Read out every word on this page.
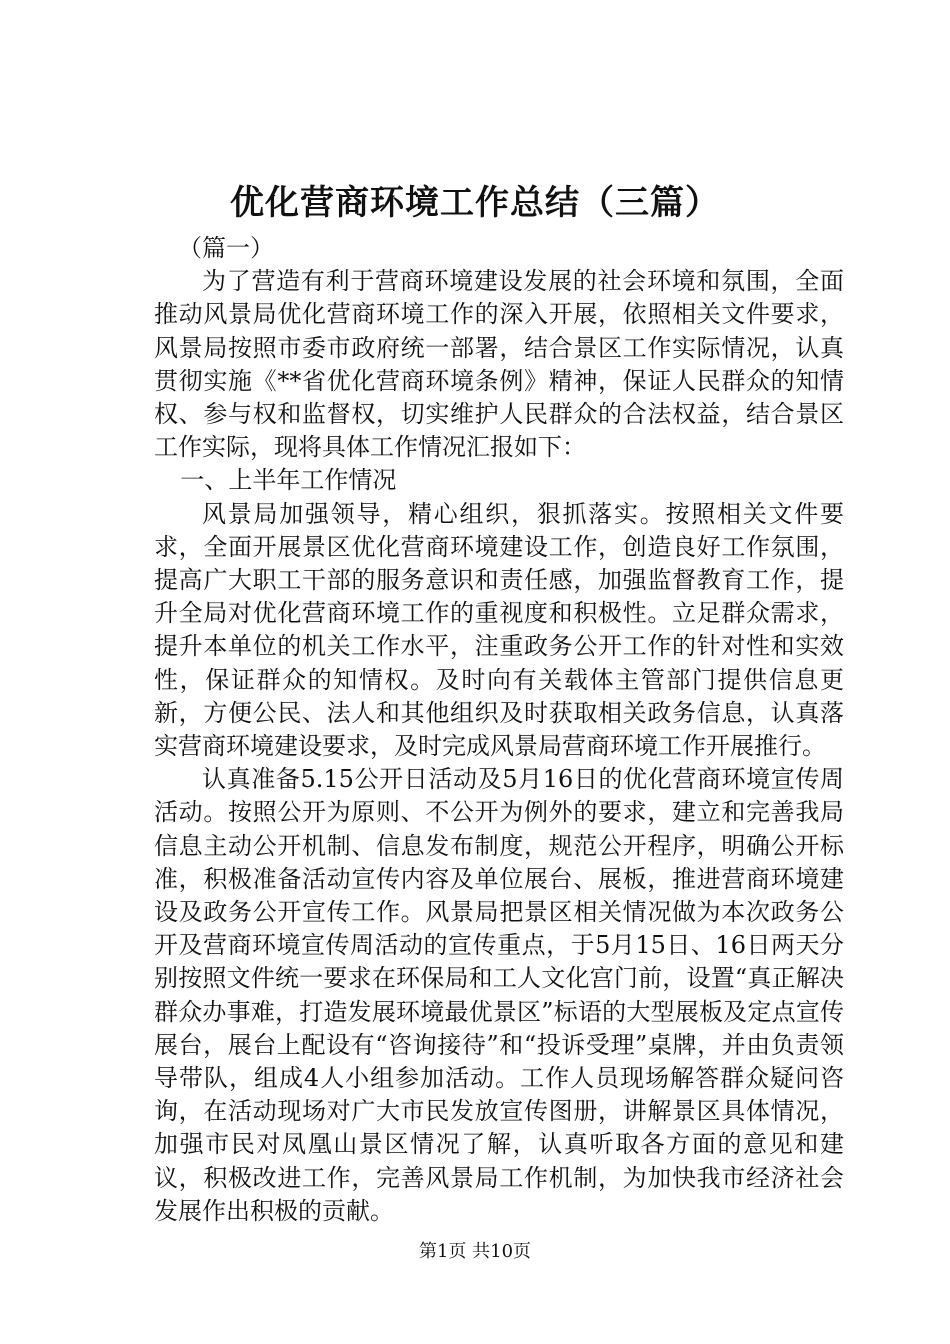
优化营商环境工作总结（三篇）

（篇一）

为了营造有利于营商环境建设发展的社会环境和氛围，全面推动风景局优化营商环境工作的深入开展，依照相关文件要求，风景局按照市委市政府统一部署，结合景区工作实际情况，认真贯彻实施《**省优化营商环境条例》精神，保证人民群众的知情权、参与权和监督权，切实维护人民群众的合法权益，结合景区工作实际，现将具体工作情况汇报如下：

一、上半年工作情况

风景局加强领导，精心组织，狠抓落实。按照相关文件要求，全面开展景区优化营商环境建设工作，创造良好工作氛围，提高广大职工干部的服务意识和责任感，加强监督教育工作，提升全局对优化营商环境工作的重视度和积极性。立足群众需求，提升本单位的机关工作水平，注重政务公开工作的针对性和实效性，保证群众的知情权。及时向有关载体主管部门提供信息更新，方便公民、法人和其他组织及时获取相关政务信息，认真落实营商环境建设要求，及时完成风景局营商环境工作开展推行。

认真准备5.15公开日活动及5月16日的优化营商环境宣传周活动。按照公开为原则、不公开为例外的要求，建立和完善我局信息主动公开机制、信息发布制度，规范公开程序，明确公开标准，积极准备活动宣传内容及单位展台、展板，推进营商环境建设及政务公开宣传工作。风景局把景区相关情况做为本次政务公开及营商环境宣传周活动的宣传重点，于5月15日、16日两天分别按照文件统一要求在环保局和工人文化宫门前，设置“真正解决群众办事难，打造发展环境最优景区”标语的大型展板及定点宣传展台，展台上配设有“咨询接待”和“投诉受理”桌牌，并由负责领导带队，组成4人小组参加活动。工作人员现场解答群众疑问咨询，在活动现场对广大市民发放宣传图册，讲解景区具体情况，加强市民对凤凰山景区情况了解，认真听取各方面的意见和建议，积极改进工作，完善风景局工作机制，为加快我市经济社会发展作出积极的贡献。

第1页 共10页
